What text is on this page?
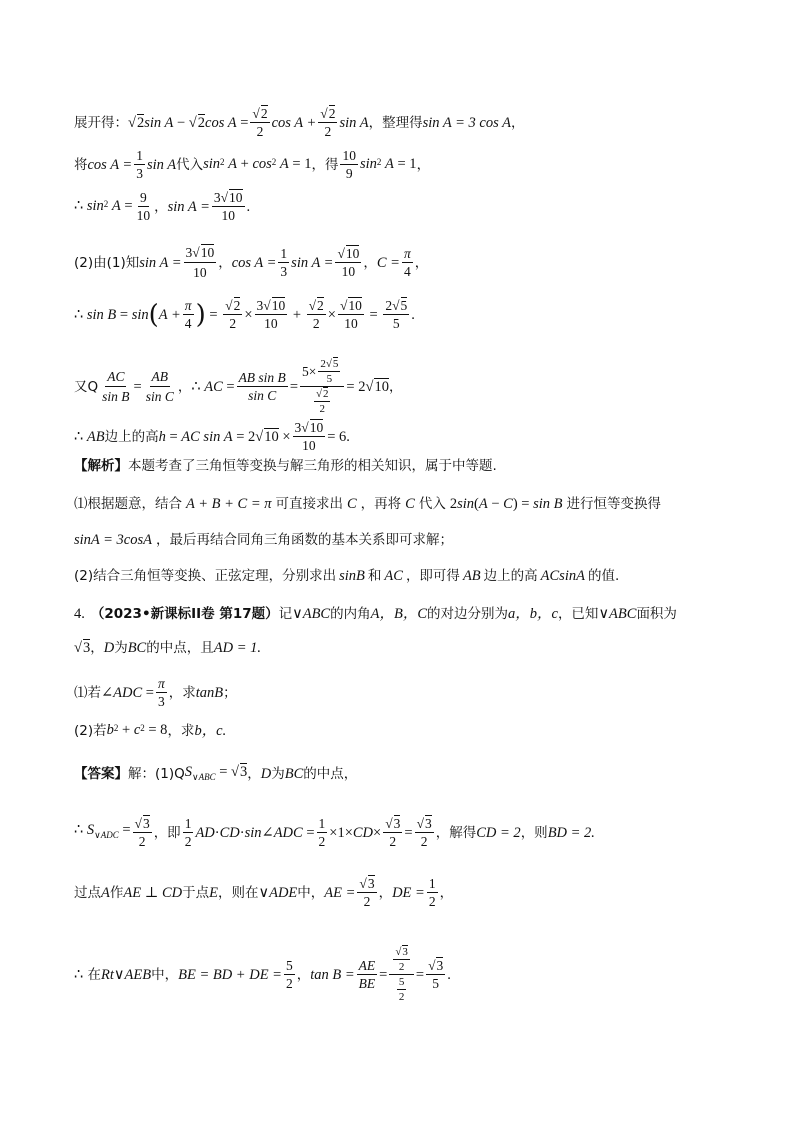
展开得： √2sin A − √2cos $A = \frac{√2}{2}$ $\cos A + \frac{√2}{2}$ sin A ，整理得 sin A = 3 cos A ，
将 $\cos A = \frac{1}{3}$ sin A 代入 $\sin^2 A + \cos^2 A = 1$ ，得 $\frac{10}{9} \sin^2 A = 1$ ，
∴ $\sin^2 A = \frac{9}{10}$ ， $\sin A = \frac{3√10}{10}$ .
(2)由(1)知 $\sin A = \frac{3√10}{10}$ ， $\cos A = \frac{1}{3}$ $\sin A = \frac{√10}{10}$ ， $C = \frac{\pi}{4}$ ，
∴ sin B = sin ( $A + \frac{\pi}{4}$ ) = $\frac{√2}{2} \times \frac{3√10}{10} + \frac{√2}{2} \times \frac{√10}{10} = \frac{2√5}{5}$ .
又Q $\frac{AC}{\text{sin B}} = \frac{AB}{\text{sin C}}$ ， ∴ AC = $\frac{\text{AB sin B}}{\text{sin C}} = \frac{5\times \frac{2√5}{5}}{\frac{√2}{2}} = 2√10$ ，
∴ AB 边上的高 h = AC $\sin A = 2√10 \times \frac{3√10}{10} = 6$.
【解析】 本题考查了三角恒等变换与解三角形的相关知识，属于中等题.
⑴根据题意，结合 A + B + C = π 可直接求出 C ，再将 C 代入 2sin(A − C) = sin B 进行恒等变换得
sinA = 3cosA ，最后再结合同角三角函数的基本关系即可求解；
(2)结合三角恒等变换、正弦定理，分别求出 sinB 和 AC ，即可得 AB 边上的高 ACsinA 的值.
4. （2023•新课标II卷 第17题） 记 ∨ABC 的内角 A，B，C 的对边分别为 a，b，c ，已知 ∨ABC 面积为
√3 ， D 为 BC 的中点，且 AD = 1.
⑴若 ∠ADC = $\frac{\pi}{3}$ ，求 tanB ；
(2)若 $b^2 + c^2 = 8$ ，求 b，c.
【答案】 解：(1)Q $S_{\vee ABC} = √3$ ， D 为 BC 的中点，
∴ $S_{\vee ADC} = \frac{√3}{2}$ ，即 $\frac{1}{2}$ AD·CD·sin∠ADC = $\frac{1}{2} \times 1\times CD\times \frac{√3}{2} = \frac{√3}{2}$ ，解得 CD = 2 ，则 BD = 2.
过点 A 作 AE ⊥ CD 于点 E ，则在 ∨ADE 中， AE = $\frac{√3}{2}$ ， DE = $\frac{1}{2}$ ，
∴ 在 Rt∨AEB 中， BE = BD + DE = $\frac{5}{2}$ ， $\tan B = \frac{AE}{BE} = \frac{\frac{√3}{2}}{\frac{5}{2}} = \frac{√3}{5}$ .
